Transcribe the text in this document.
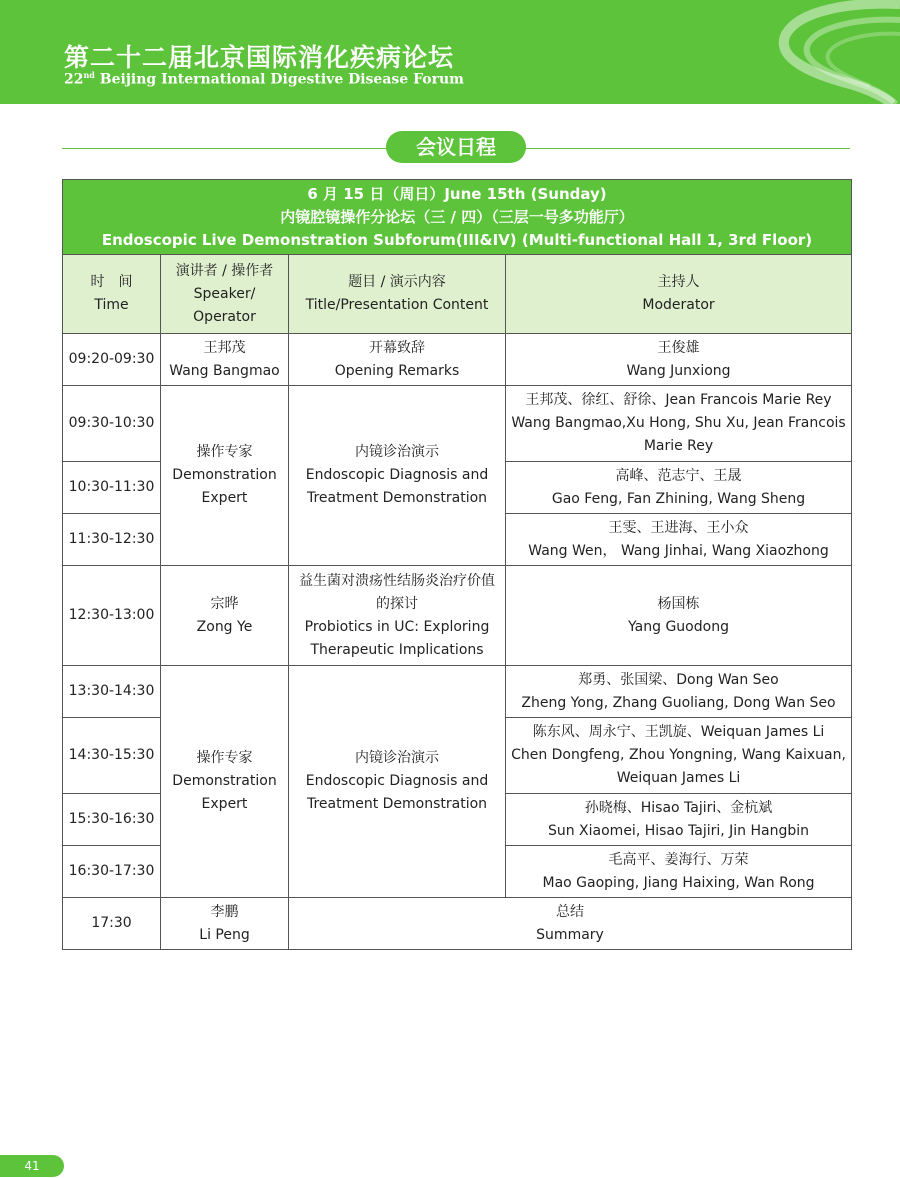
第二十二届北京国际消化疾病论坛
22nd Beijing International Digestive Disease Forum
会议日程
6 月 15 日（周日）June 15th (Sunday)
内镜腔镜操作分论坛（三 / 四）（三层一号多功能厅）
Endoscopic Live Demonstration Subforum(III&IV) (Multi-functional Hall 1, 3rd Floor)			

时　间
Time	演讲者 / 操作者
Speaker/
Operator	题目 / 演示内容
Title/Presentation Content	主持人
Moderator

09:20-09:30	王邦茂
Wang Bangmao	开幕致辞
Opening Remarks	王俊雄
Wang Junxiong

09:30-10:30	操作专家
Demonstration
Expert	内镜诊治演示
Endoscopic Diagnosis and
Treatment Demonstration	王邦茂、徐红、舒徐、Jean Francois Marie Rey
Wang Bangmao,Xu Hong, Shu Xu, Jean Francois Marie Rey

10:30-11:30			高峰、范志宁、王晟
Gao Feng, Fan Zhining, Wang Sheng

11:30-12:30			王雯、王进海、王小众
Wang Wen， Wang Jinhai, Wang Xiaozhong

12:30-13:00	宗晔
Zong Ye	益生菌对溃疡性结肠炎治疗价值的探讨
Probiotics in UC: Exploring Therapeutic Implications	杨国栋
Yang Guodong

13:30-14:30	操作专家
Demonstration
Expert	内镜诊治演示
Endoscopic Diagnosis and
Treatment Demonstration	郑勇、张国梁、Dong Wan Seo
Zheng Yong, Zhang Guoliang, Dong Wan Seo

14:30-15:30			陈东风、周永宁、王凯旋、Weiquan James Li
Chen Dongfeng, Zhou Yongning, Wang Kaixuan, Weiquan James Li

15:30-16:30			孙晓梅、Hisao Tajiri、金杭斌
Sun Xiaomei, Hisao Tajiri, Jin Hangbin

16:30-17:30			毛高平、姜海行、万荣
Mao Gaoping, Jiang Haixing, Wan Rong

17:30	李鹏
Li Peng	总结
Summary	
41
